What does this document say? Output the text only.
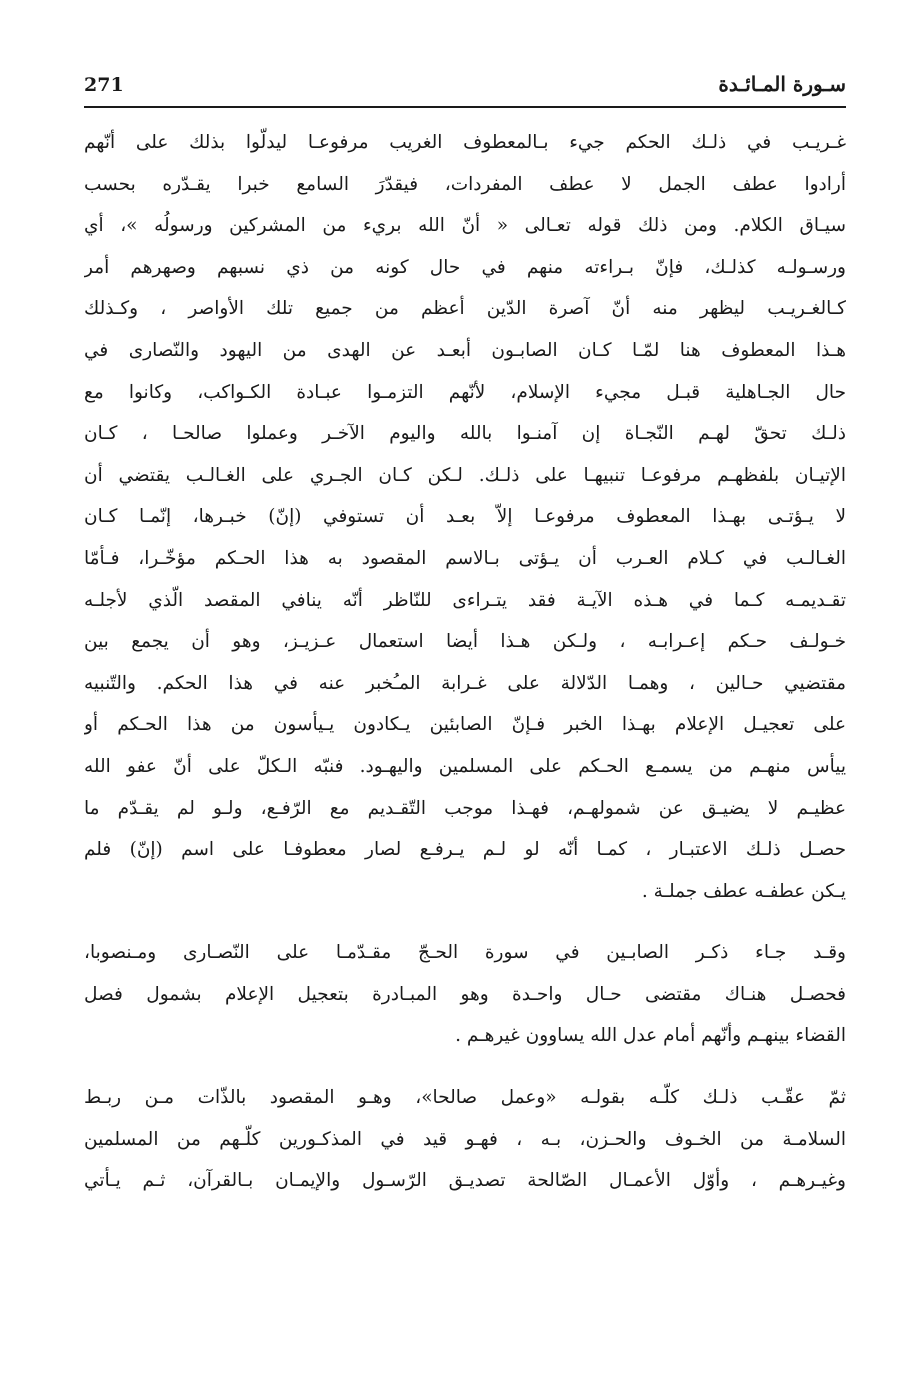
271	سـورة المـائـدة
غـريـب في ذلـك الحكم جيء بـالمعطوف الغريب مرفوعـا ليدلّوا بذلك على أنّهم
أرادوا عطف الجمل لا عطف المفردات، فيقدّرَ السامع خبرا يقـدّره بحسب
سيـاق الكلام. ومن ذلك قوله تعـالى « أنّ الله بريء من المشركين ورسولُه »، أي
ورسـولـه كذلـك، فإنّ بـراءته منهم في حال كونه من ذي نسبهم وصهرهم أمر
كـالغـريـب ليظهر منه أنّ آصرة الدّين أعظم من جميع تلك الأواصر ، وكـذلك
هـذا المعطوف هنا لمّـا كـان الصابـون أبعـد عن الهدى من اليهود والنّصارى في
حال الجـاهلية قبـل مجيء الإسلام، لأنّهم التزمـوا عبـادة الكـواكب، وكانوا مع
ذلـك تحقّ لهـم النّجـاة إن آمنـوا بالله واليوم الآخـر وعملوا صالحـا ، كـان
الإتيـان بلفظهـم مرفوعـا تنبيهـا على ذلـك. لـكن كـان الجـري على الغـالـب يقتضي أن
لا يـؤتـى بهـذا المعطوف مرفوعـا إلاّ بعـد أن تستوفي (إنّ) خبـرها، إنّمـا كـان
الغـالـب في كـلام العـرب أن يـؤتى بـالاسم المقصود به هذا الحـكم مؤخّـرا، فـأمّا
تقـديمـه كـما في هـذه الآيـة فقد يتـراءى للنّاظر أنّه ينافي المقصد الّذي لأجلـه
خـولـف حـكم إعـرابـه ، ولـكن هـذا أيضا استعمال عـزيـز، وهو أن يجمع بين
مقتضيي حـالين ، وهمـا الدّلالة على غـرابة المـُخبر عنه في هذا الحكم. والتّنبيه
على تعجيـل الإعلام بهـذا الخبر فـإنّ الصابئين يـكادون يـيأسون من هذا الحـكم أو
ييأس منهـم من يسمـع الحـكم على المسلمين واليهـود. فنبّه الـكلّ على أنّ عفو الله
عظيـم لا يضيـق عن شمولهـم، فهـذا موجب التّقـديم مع الرّفـع، ولـو لم يقـدّم ما
حصـل ذلـك الاعتبـار ، كمـا أنّه لو لـم يـرفـع لصار معطوفـا على اسم (إنّ) فلم
يـكن عطفـه عطف جملـة .
وقـد جـاء ذكـر الصابـين في سورة الحـجّ مقـدّمـا على النّصـارى ومـنصوبا،
فحصـل هنـاك مقتضى حـال واحـدة وهو المبـادرة بتعجيل الإعلام بشمول فصل
القضاء بينهـم وأنّهم أمام عدل الله يساوون غيرهـم .
ثمّ عقّـب ذلـك كلّـه بقولـه «وعمل صالحا»، وهـو المقصود بالذّات مـن ربـط
السلامـة من الخـوف والحـزن، بـه ، فهـو قيد في المذكـورين كلّـهم من المسلمين
وغيـرهـم ، وأوّل الأعمـال الصّالحة تصديـق الرّسـول والإيمـان بـالقرآن، ثـم يـأتي
